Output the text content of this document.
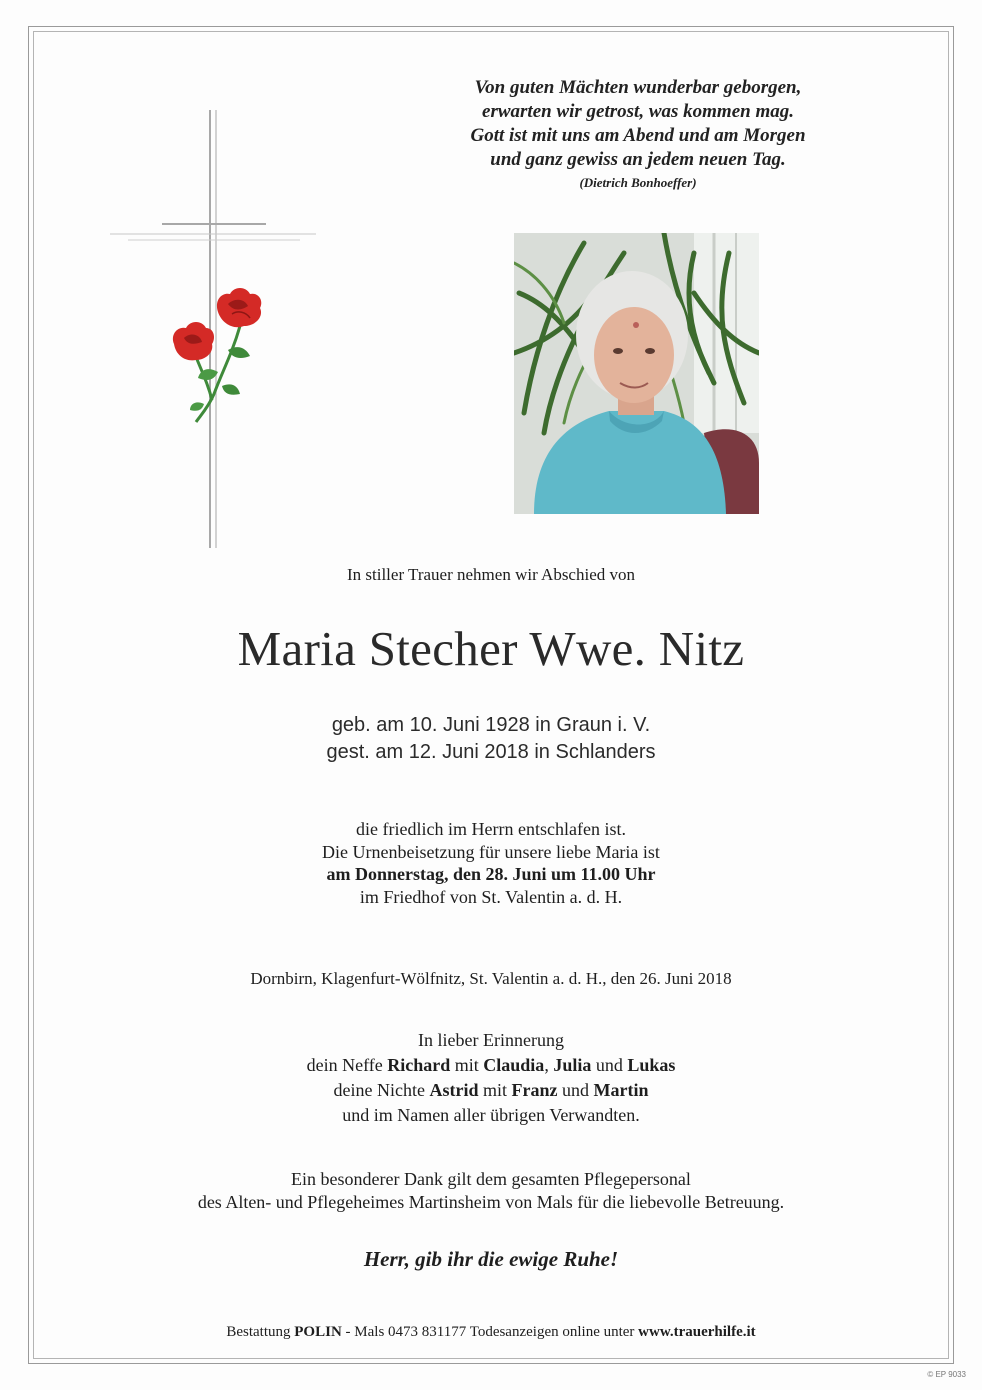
Von guten Mächten wunderbar geborgen,
erwarten wir getrost, was kommen mag.
Gott ist mit uns am Abend und am Morgen
und ganz gewiss an jedem neuen Tag.
(Dietrich Bonhoeffer)
In stiller Trauer nehmen wir Abschied von
Maria Stecher Wwe. Nitz
geb. am 10. Juni 1928 in Graun i. V.
gest. am 12. Juni 2018 in Schlanders
die friedlich im Herrn entschlafen ist.
Die Urnenbeisetzung für unsere liebe Maria ist
am Donnerstag, den 28. Juni um 11.00 Uhr
im Friedhof von St. Valentin a. d. H.
Dornbirn, Klagenfurt-Wölfnitz, St. Valentin a. d. H., den 26. Juni 2018
In lieber Erinnerung
dein Neffe Richard mit Claudia, Julia und Lukas
deine Nichte Astrid mit Franz und Martin
und im Namen aller übrigen Verwandten.
Ein besonderer Dank gilt dem gesamten Pflegepersonal
des Alten- und Pflegeheimes Martinsheim von Mals für die liebevolle Betreuung.
Herr, gib ihr die ewige Ruhe!
Bestattung POLIN - Mals 0473 831177 Todesanzeigen online unter www.trauerhilfe.it
© EP 9033
